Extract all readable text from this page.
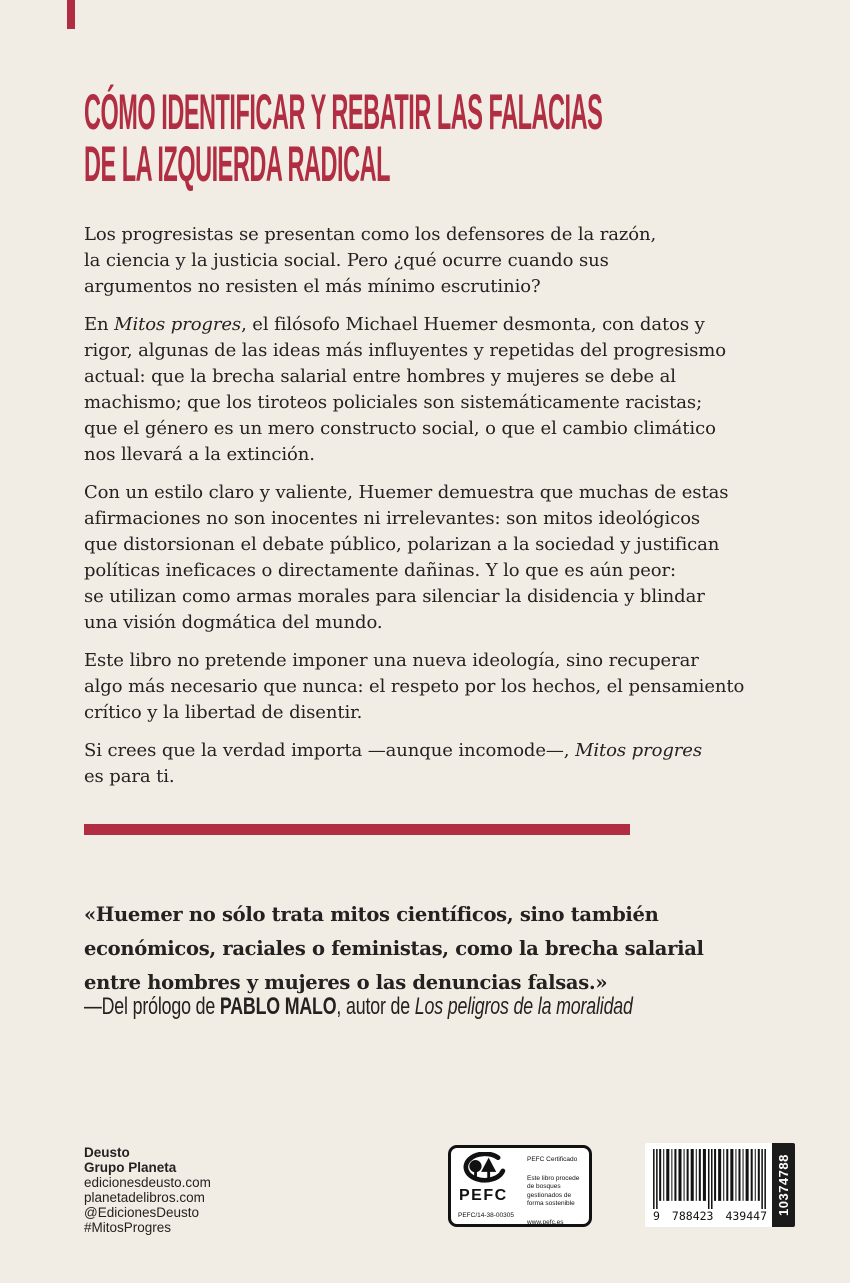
CÓMO IDENTIFICAR Y REBATIR LAS FALACIAS
DE LA IZQUIERDA RADICAL

Los progresistas se presentan como los defensores de la razón,
la ciencia y la justicia social. Pero ¿qué ocurre cuando sus
argumentos no resisten el más mínimo escrutinio?

En Mitos progres, el filósofo Michael Huemer desmonta, con datos y
rigor, algunas de las ideas más influyentes y repetidas del progresismo
actual: que la brecha salarial entre hombres y mujeres se debe al
machismo; que los tiroteos policiales son sistemáticamente racistas;
que el género es un mero constructo social, o que el cambio climático
nos llevará a la extinción.

Con un estilo claro y valiente, Huemer demuestra que muchas de estas
afirmaciones no son inocentes ni irrelevantes: son mitos ideológicos
que distorsionan el debate público, polarizan a la sociedad y justifican
políticas ineficaces o directamente dañinas. Y lo que es aún peor:
se utilizan como armas morales para silenciar la disidencia y blindar
una visión dogmática del mundo.

Este libro no pretende imponer una nueva ideología, sino recuperar
algo más necesario que nunca: el respeto por los hechos, el pensamiento
crítico y la libertad de disentir.

Si crees que la verdad importa —aunque incomode—, Mitos progres
es para ti.

«Huemer no sólo trata mitos científicos, sino también
económicos, raciales o feministas, como la brecha salarial
entre hombres y mujeres o las denuncias falsas.»
—Del prólogo de PABLO MALO, autor de Los peligros de la moralidad
Deusto
Grupo Planeta
edicionesdeusto.com
planetadelibros.com
@EdicionesDeusto
#MitosProgres
PEFC
PEFC/14-38-00305
PEFC Certificado
Este libro procede de bosques gestionados de forma sostenible
www.pefc.es	9 788423 439447
10374788
